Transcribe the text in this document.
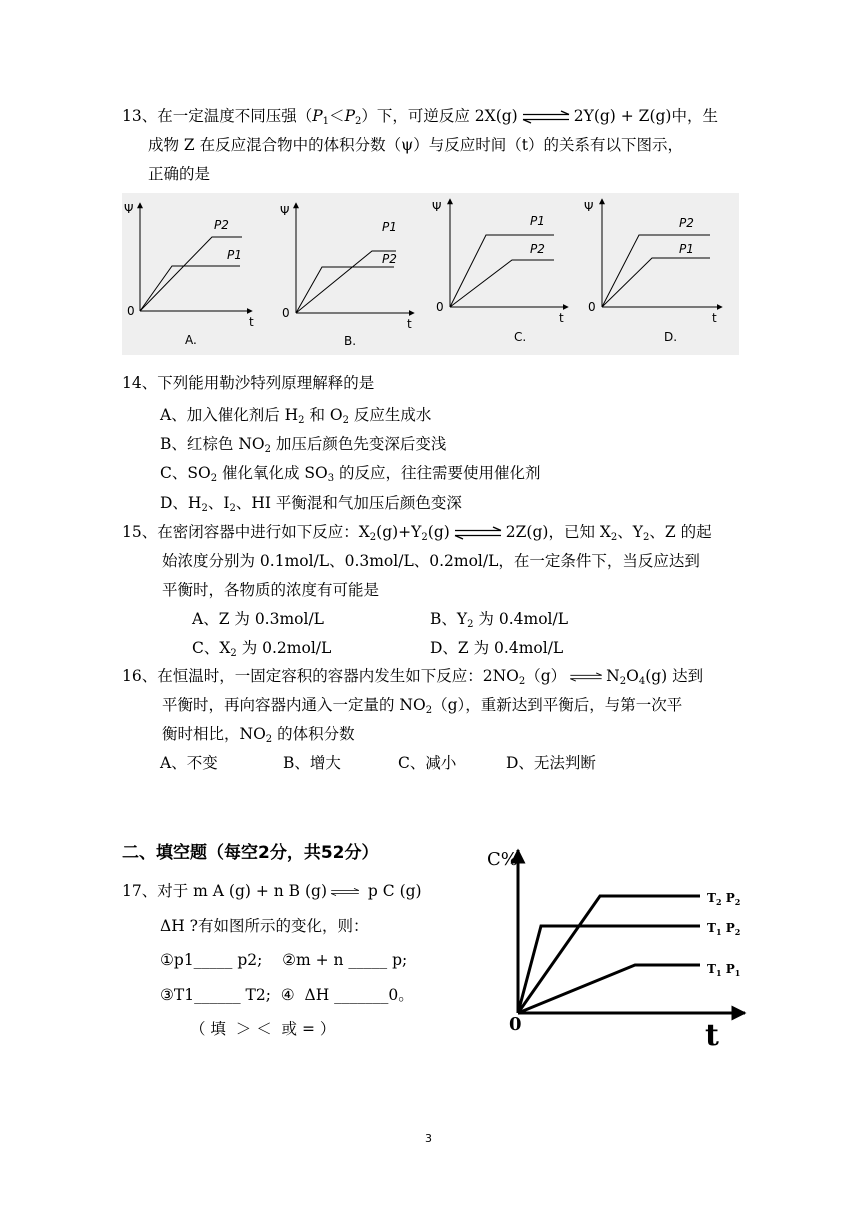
13、在一定温度不同压强$(P_1<P_2)$下，可逆反应 2X(g)	2Y(g) + Z(g)中，生
成物 Z 在反应混合物中的体积分数（ψ）与反应时间（t）的关系有以下图示，
正确的是
Ψ
0
t
P2
P1
A.
Ψ
0
t
P1
P2
B.
Ψ
0
t
P1
P2
C.
Ψ
0
t
P2
P1
D.
14、下列能用勒沙特列原理解释的是
A、加入催化剂后 $H_2$ 和 $O_2$ 反应生成水
B、红棕色 $NO_2$ 加压后颜色先变深后变浅
C、$SO_2$ 催化氧化成 $SO_3$ 的反应，往往需要使用催化剂
D、$H_2$、$I_2$、HI 平衡混和气加压后颜色变深
15、在密闭容器中进行如下反应：$X_2(g)+Y_2(g)$	2Z(g)，已知 $X_2$、$Y_2$、Z 的起
始浓度分别为 0.1mol/L、0.3mol/L、0.2mol/L，在一定条件下，当反应达到
平衡时，各物质的浓度有可能是
A、Z 为 0.3mol/L	B、$Y_2$ 为 0.4mol/L
C、$X_2$ 为 0.2mol/L	D、Z 为 0.4mol/L
16、在恒温时，一固定容积的容器内发生如下反应：$2NO_2(g)$	$N_2O_4(g)$ 达到
平衡时，再向容器内通入一定量的 $NO_2(g)$，重新达到平衡后，与第一次平
衡时相比，$NO_2$ 的体积分数
A、不变	B、增大	C、减小	D、无法判断
二、填空题（每空2分，共52分）
17、对于 m A (g) + n B (g) p C (g)
ΔH ?有如图所示的变化，则：
①p1_____ p2;    ②m + n _____ p;
③T1______ T2;  ④  ΔH _______0。
（ 填  ＞ ＜  或 = ）
C%
0	t
$T_2$ $P_2$
$T_1$ $P_2$
$T_1$ $P_1$
3
